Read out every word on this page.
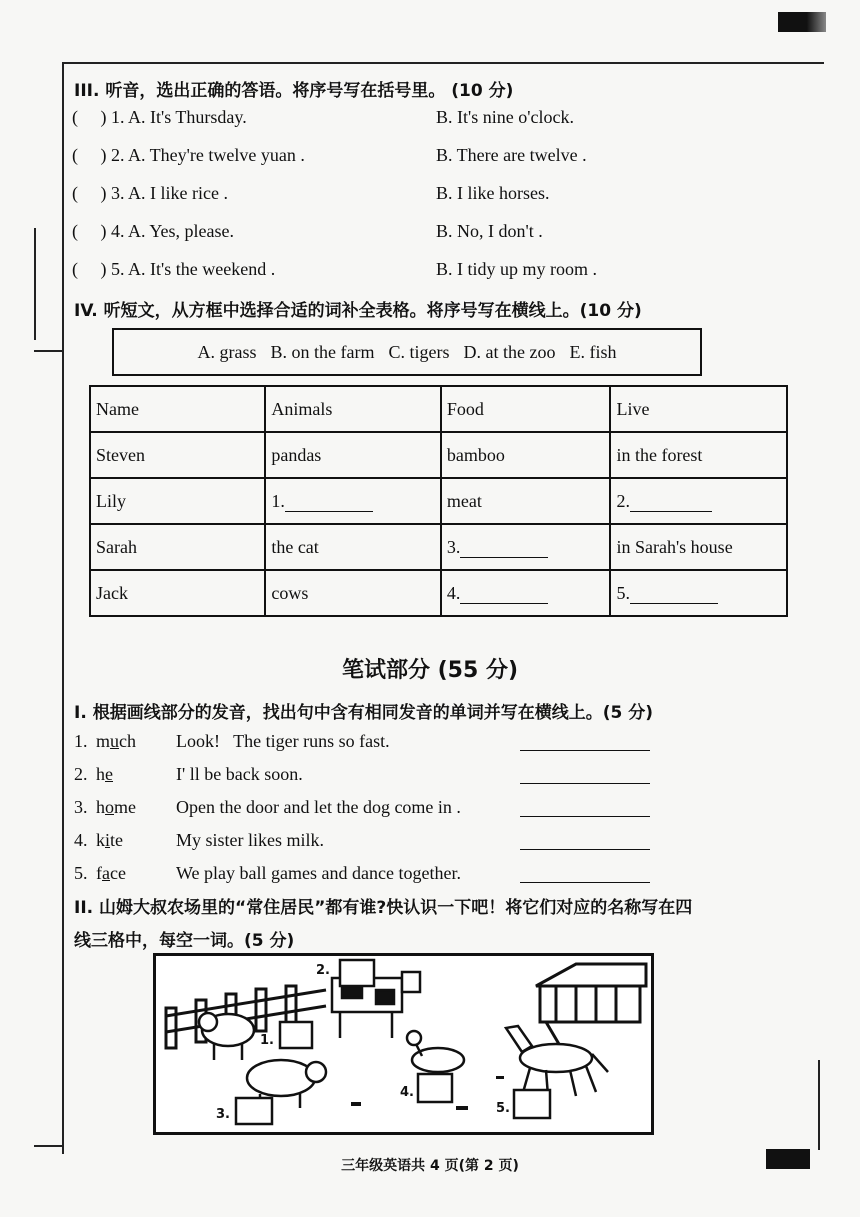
III. 听音，选出正确的答语。将序号写在括号里。 (10 分)
(     ) 1. A. It's Thursday.	B. It's nine o'clock.
(     ) 2. A. They're twelve yuan .	B. There are twelve .
(     ) 3. A. I like rice .	B. I like horses.
(     ) 4. A. Yes, please.	B. No, I don't .
(     ) 5. A. It's the weekend .	B. I tidy up my room .
IV. 听短文，从方框中选择合适的词补全表格。将序号写在横线上。(10 分)
A. grass B. on the farm C. tigers D. at the zoo E. fish
Name	Animals	Food	Live
Steven	pandas	bamboo	in the forest
Lily	1.	meat	2.
Sarah	the cat	3.	in Sarah's house
Jack	cows	4.	5.
笔试部分 (55 分)
I. 根据画线部分的发音，找出句中含有相同发音的单词并写在横线上。(5 分)
1. much Look!   The tiger runs so fast.
2. he	I' ll be back soon.
3. home Open the door and let the dog come in .
4. kite	My sister likes milk.
5. face	We play ball games and dance together.
II. 山姆大叔农场里的“常住居民”都有谁?快认识一下吧！将它们对应的名称写在四
线三格中，每空一词。(5 分)
1.
2.
3.
4.
5.
三年级英语共 4 页(第 2 页)
